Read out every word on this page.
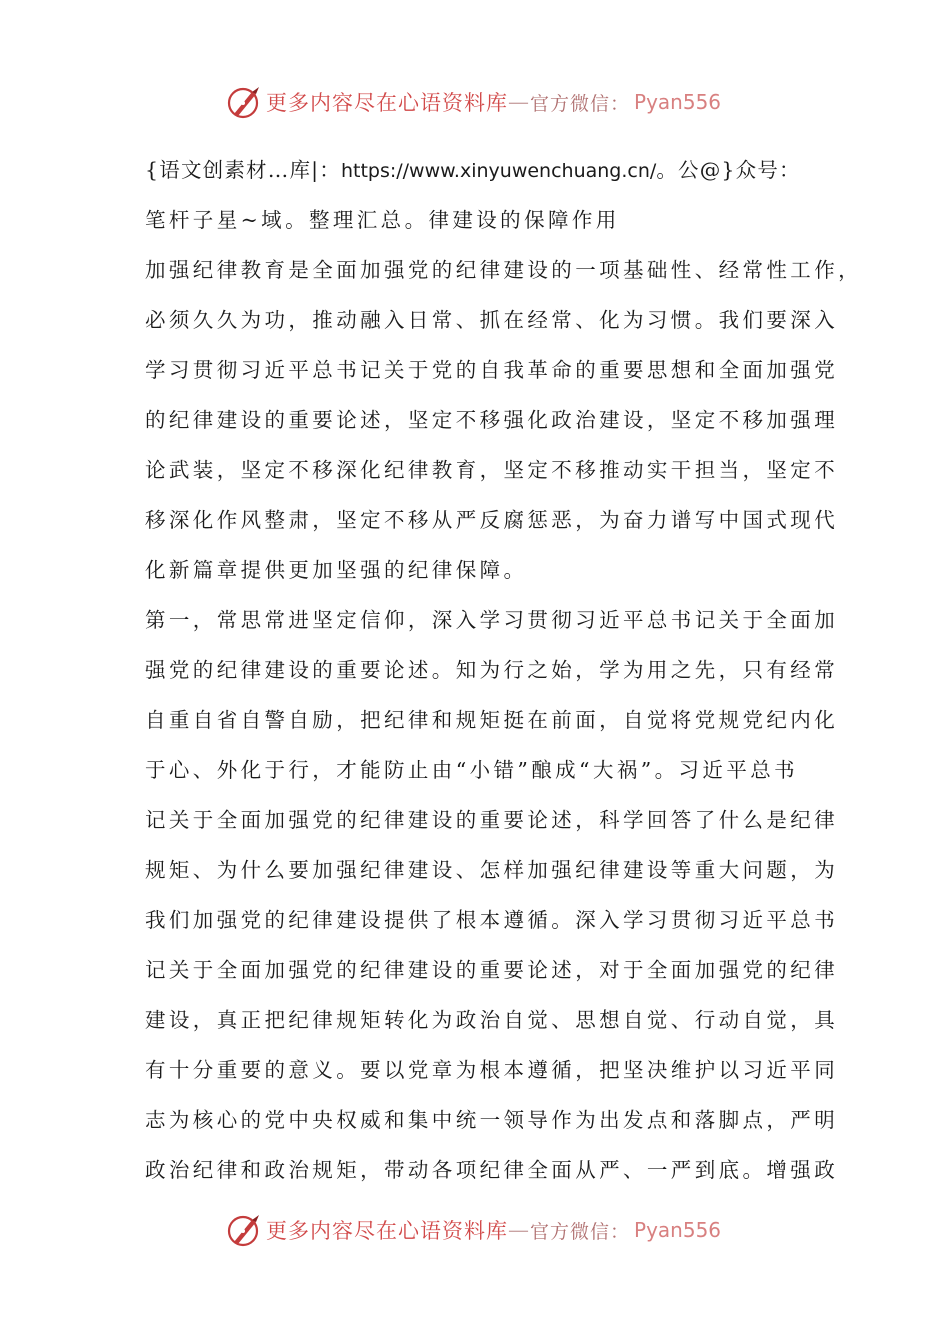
更多内容尽在心语资料库 — 官方微信： Pyan556
{语文创素材…库|：https://www.xinyuwenchuang.cn/。公@}众号：
笔杆子星~域。整理汇总。律建设的保障作用
加强纪律教育是全面加强党的纪律建设的一项基础性、经常性工作，
必须久久为功，推动融入日常、抓在经常、化为习惯。我们要深入
学习贯彻习近平总书记关于党的自我革命的重要思想和全面加强党
的纪律建设的重要论述，坚定不移强化政治建设，坚定不移加强理
论武装，坚定不移深化纪律教育，坚定不移推动实干担当，坚定不
移深化作风整肃，坚定不移从严反腐惩恶，为奋力谱写中国式现代
化新篇章提供更加坚强的纪律保障。
第一，常思常进坚定信仰，深入学习贯彻习近平总书记关于全面加
强党的纪律建设的重要论述。知为行之始，学为用之先，只有经常
自重自省自警自励，把纪律和规矩挺在前面，自觉将党规党纪内化
于心、外化于行，才能防止由“小错”酿成“大祸”。习近平总书
记关于全面加强党的纪律建设的重要论述，科学回答了什么是纪律
规矩、为什么要加强纪律建设、怎样加强纪律建设等重大问题，为
我们加强党的纪律建设提供了根本遵循。深入学习贯彻习近平总书
记关于全面加强党的纪律建设的重要论述，对于全面加强党的纪律
建设，真正把纪律规矩转化为政治自觉、思想自觉、行动自觉，具
有十分重要的意义。要以党章为根本遵循，把坚决维护以习近平同
志为核心的党中央权威和集中统一领导作为出发点和落脚点，严明
政治纪律和政治规矩，带动各项纪律全面从严、一严到底。增强政
更多内容尽在心语资料库 — 官方微信： Pyan556
